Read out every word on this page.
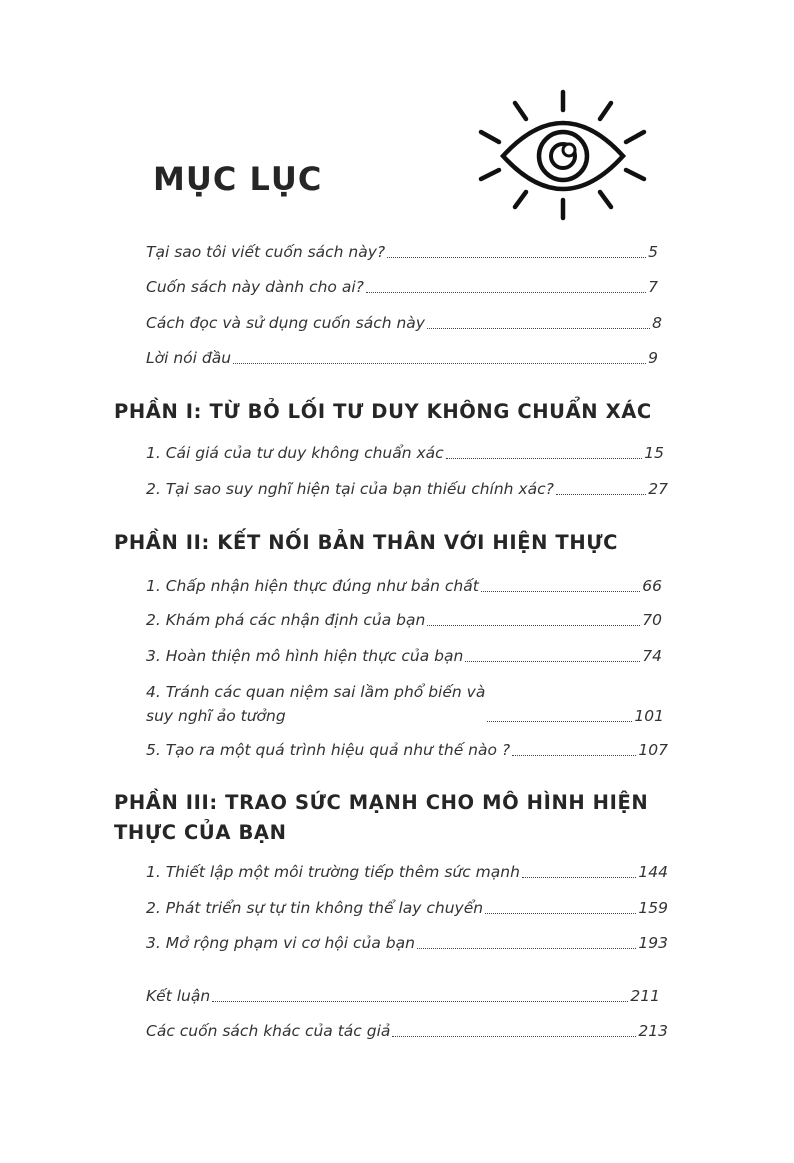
MỤC LỤC
Tại sao tôi viết cuốn sách này?	5
Cuốn sách này dành cho ai?	7
Cách đọc và sử dụng cuốn sách này	8
Lời nói đầu	9
PHẦN I: TỪ BỎ LỐI TƯ DUY KHÔNG CHUẨN XÁC
1. Cái giá của tư duy không chuẩn xác	15
2. Tại sao suy nghĩ hiện tại của bạn thiếu chính xác?	27
PHẦN II: KẾT NỐI BẢN THÂN VỚI HIỆN THỰC
1. Chấp nhận hiện thực đúng như bản chất	66
2. Khám phá các nhận định của bạn	70
3. Hoàn thiện mô hình hiện thực của bạn	74
4. Tránh các quan niệm sai lầm phổ biến và
suy nghĩ ảo tưởng	101
5. Tạo ra một quá trình hiệu quả như thế nào ?	107
PHẦN III: TRAO SỨC MẠNH CHO MÔ HÌNH HIỆN
THỰC CỦA BẠN
1. Thiết lập một môi trường tiếp thêm sức mạnh	144
2. Phát triển sự tự tin không thể lay chuyển	159
3. Mở rộng phạm vi cơ hội của bạn	193
Kết luận	211
Các cuốn sách khác của tác giả	213
